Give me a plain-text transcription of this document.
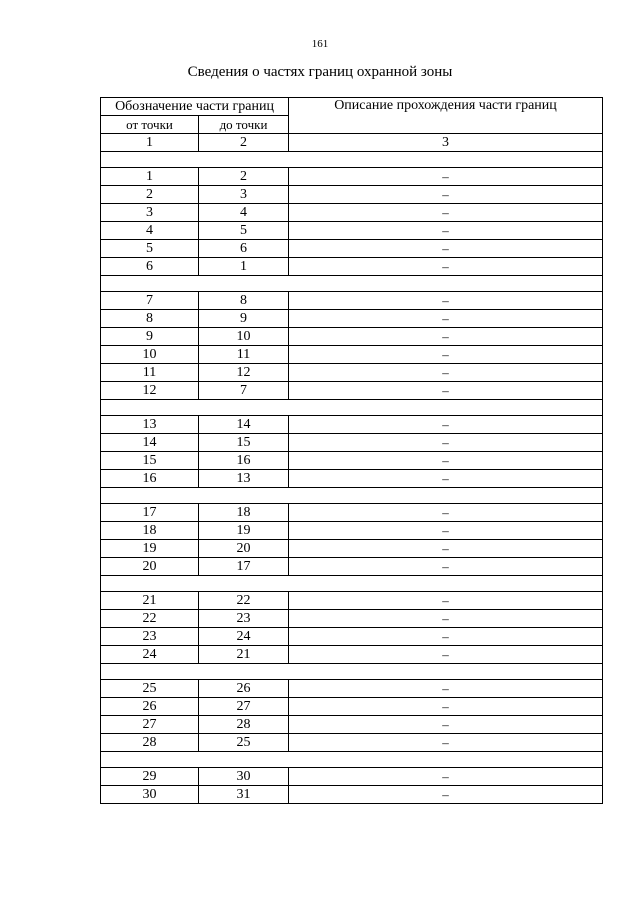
161
Сведения о частях границ охранной зоны
Обозначение части границ		Описание прохождения части границ
от точки	до точки	
1	2	3

1	2	–
2	3	–
3	4	–
4	5	–
5	6	–
6	1	–

7	8	–
8	9	–
9	10	–
10	11	–
11	12	–
12	7	–

13	14	–
14	15	–
15	16	–
16	13	–

17	18	–
18	19	–
19	20	–
20	17	–

21	22	–
22	23	–
23	24	–
24	21	–

25	26	–
26	27	–
27	28	–
28	25	–

29	30	–
30	31	–
